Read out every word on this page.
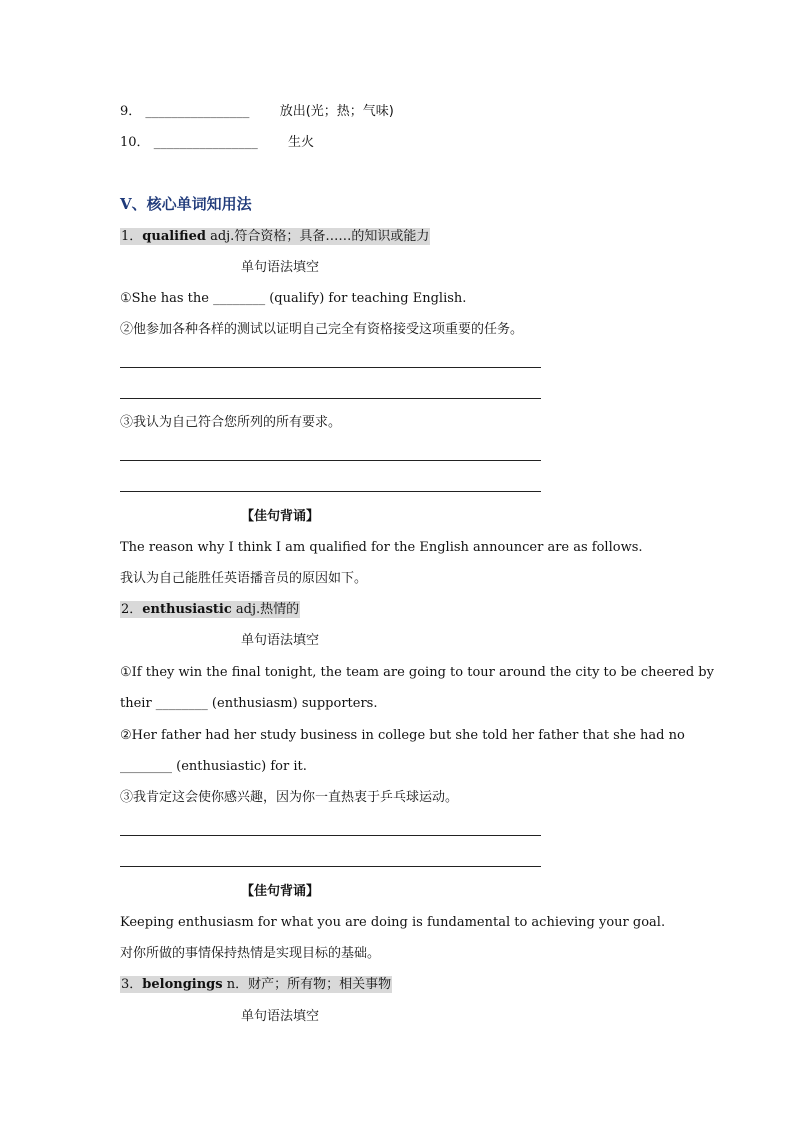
9． ________________ 放出(光；热；气味)
10． ________________ 生火
Ⅴ、核心单词知用法
1．qualified adj.符合资格；具备……的知识或能力
单句语法填空
①She has the ________ (qualify) for teaching English.
②他参加各种各样的测试以证明自己完全有资格接受这项重要的任务。
③我认为自己符合您所列的所有要求。
【佳句背诵】
The reason why I think I am qualified for the English announcer are as follows.
我认为自己能胜任英语播音员的原因如下。
2．enthusiastic adj.热情的
单句语法填空
①If they win the final tonight, the team are going to tour around the city to be cheered by
their ________ (enthusiasm) supporters.
②Her father had her study business in college but she told her father that she had no
________ (enthusiastic) for it.
③我肯定这会使你感兴趣，因为你一直热衷于乒乓球运动。
【佳句背诵】
Keeping enthusiasm for what you are doing is fundamental to achieving your goal.
对你所做的事情保持热情是实现目标的基础。
3．belongings n．财产；所有物；相关事物
单句语法填空
